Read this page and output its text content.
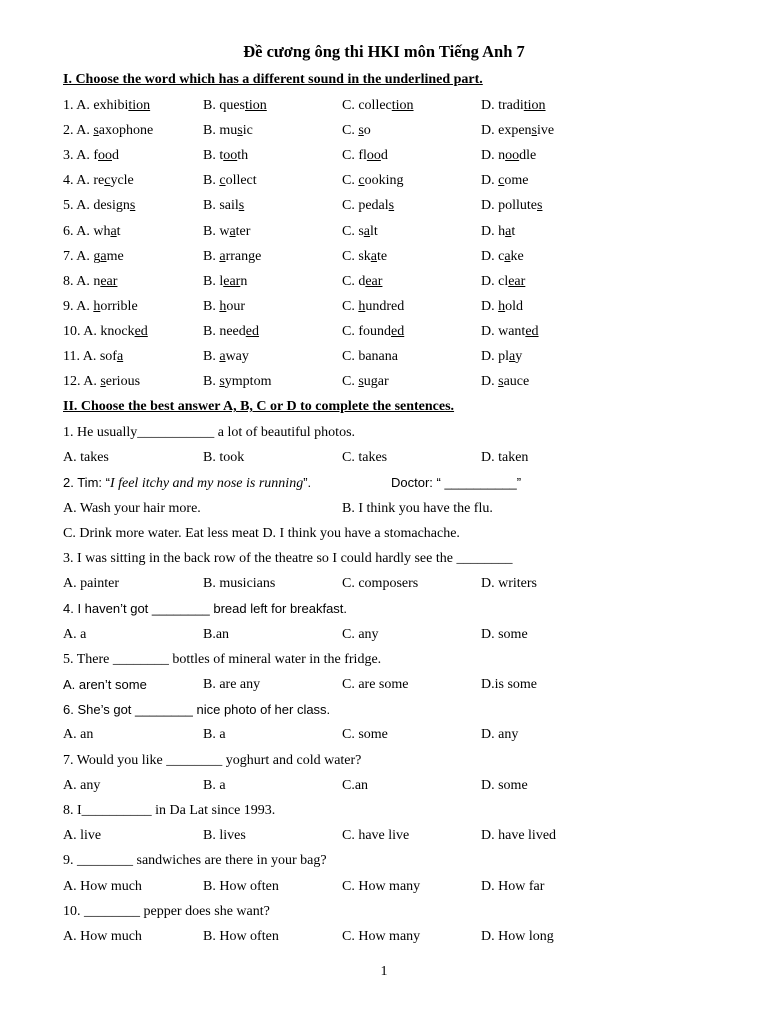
Đề cương ông thi HKI môn Tiếng Anh 7
I. Choose the word which has a different sound in the underlined part.
1. A. exhibition	B. question	C. collection	D. tradition
2. A. saxophone	B. music	C. so	D. expensive
3. A. food	B. tooth	C. flood	D. noodle
4. A. recycle	B. collect	C. cooking	D. come
5. A. designs	B. sails	C. pedals	D. pollutes
6. A. what	B. water	C. salt	D. hat
7. A. game	B. arrange	C. skate	D. cake
8. A. near	B. learn	C. dear	D. clear
9. A. horrible	B. hour	C. hundred	D. hold
10. A. knocked	B. needed	C. founded	D. wanted
11. A. sofa	B. away	C. banana	D. play
12. A. serious	B. symptom	C. sugar	D. sauce
II. Choose the best answer A, B, C or D to complete the sentences.
1. He usually___________ a lot of beautiful photos.
A. takes	B. took	C. takes	D. taken
2. Tim: “I feel itchy and my nose is running”.	Doctor: “ __________”
A. Wash your hair more.	B. I think you have the flu.
C. Drink more water. Eat less meat D. I think you have a stomachache.
3. I was sitting in the back row of the theatre so I could hardly see the ________
A. painter	B. musicians	C. composers	D. writers
4. I haven’t got ________ bread left for breakfast.
A. a	B.an	C. any	D. some
5. There ________ bottles of mineral water in the fridge.
A. aren’t some	B. are any	C. are some	D.is some
6. She’s got ________ nice photo of her class.
A. an	B. a	C. some	D. any
7. Would you like ________ yoghurt and cold water?
A. any	B. a	C.an	D. some
8. I__________ in Da Lat since 1993.
A. live	B. lives	C. have live	D. have lived
9. ________ sandwiches are there in your bag?
A. How much	B. How often	C. How many	D. How far
10. ________ pepper does she want?
A. How much	B. How often	C. How many	D. How long
1
